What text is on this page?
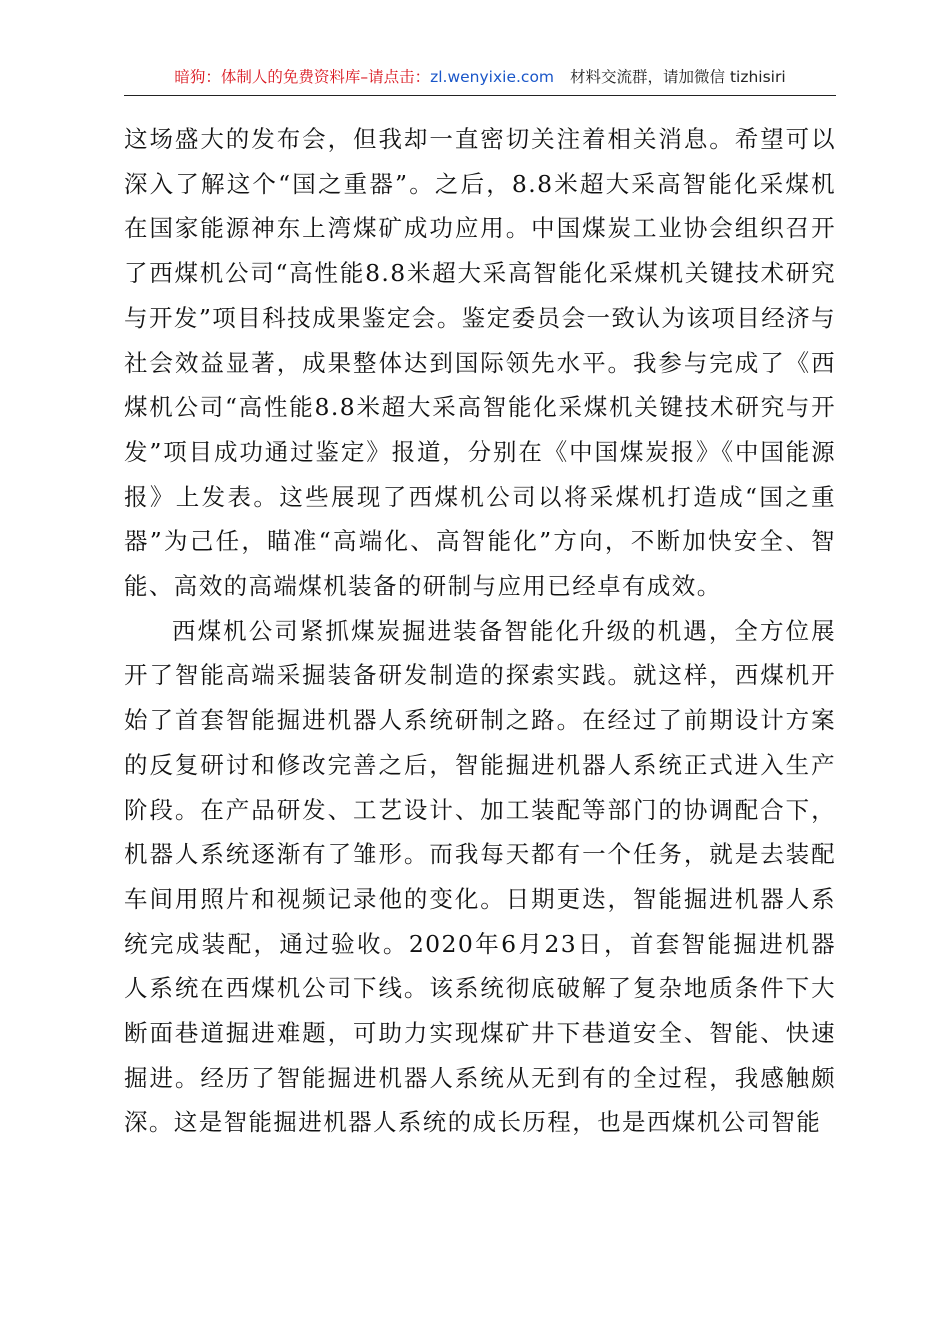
暗狗：体制人的免费资料库–请点击：zl.wenyixie.com 材料交流群，请加微信 tizhisiri

这场盛大的发布会，但我却一直密切关注着相关消息。希望可以深入了解这个“国之重器”。之后，8.8米超大采高智能化采煤机在国家能源神东上湾煤矿成功应用。中国煤炭工业协会组织召开了西煤机公司“高性能8.8米超大采高智能化采煤机关键技术研究与开发”项目科技成果鉴定会。鉴定委员会一致认为该项目经济与社会效益显著，成果整体达到国际领先水平。我参与完成了《西煤机公司“高性能8.8米超大采高智能化采煤机关键技术研究与开发”项目成功通过鉴定》报道，分别在《中国煤炭报》《中国能源报》上发表。这些展现了西煤机公司以将采煤机打造成“国之重器”为己任，瞄准“高端化、高智能化”方向，不断加快安全、智能、高效的高端煤机装备的研制与应用已经卓有成效。

西煤机公司紧抓煤炭掘进装备智能化升级的机遇，全方位展开了智能高端采掘装备研发制造的探索实践。就这样，西煤机开始了首套智能掘进机器人系统研制之路。在经过了前期设计方案的反复研讨和修改完善之后，智能掘进机器人系统正式进入生产阶段。在产品研发、工艺设计、加工装配等部门的协调配合下，机器人系统逐渐有了雏形。而我每天都有一个任务，就是去装配车间用照片和视频记录他的变化。日期更迭，智能掘进机器人系统完成装配，通过验收。2020年6月23日，首套智能掘进机器人系统在西煤机公司下线。该系统彻底破解了复杂地质条件下大断面巷道掘进难题，可助力实现煤矿井下巷道安全、智能、快速掘进。经历了智能掘进机器人系统从无到有的全过程，我感触颇深。这是智能掘进机器人系统的成长历程，也是西煤机公司智能
